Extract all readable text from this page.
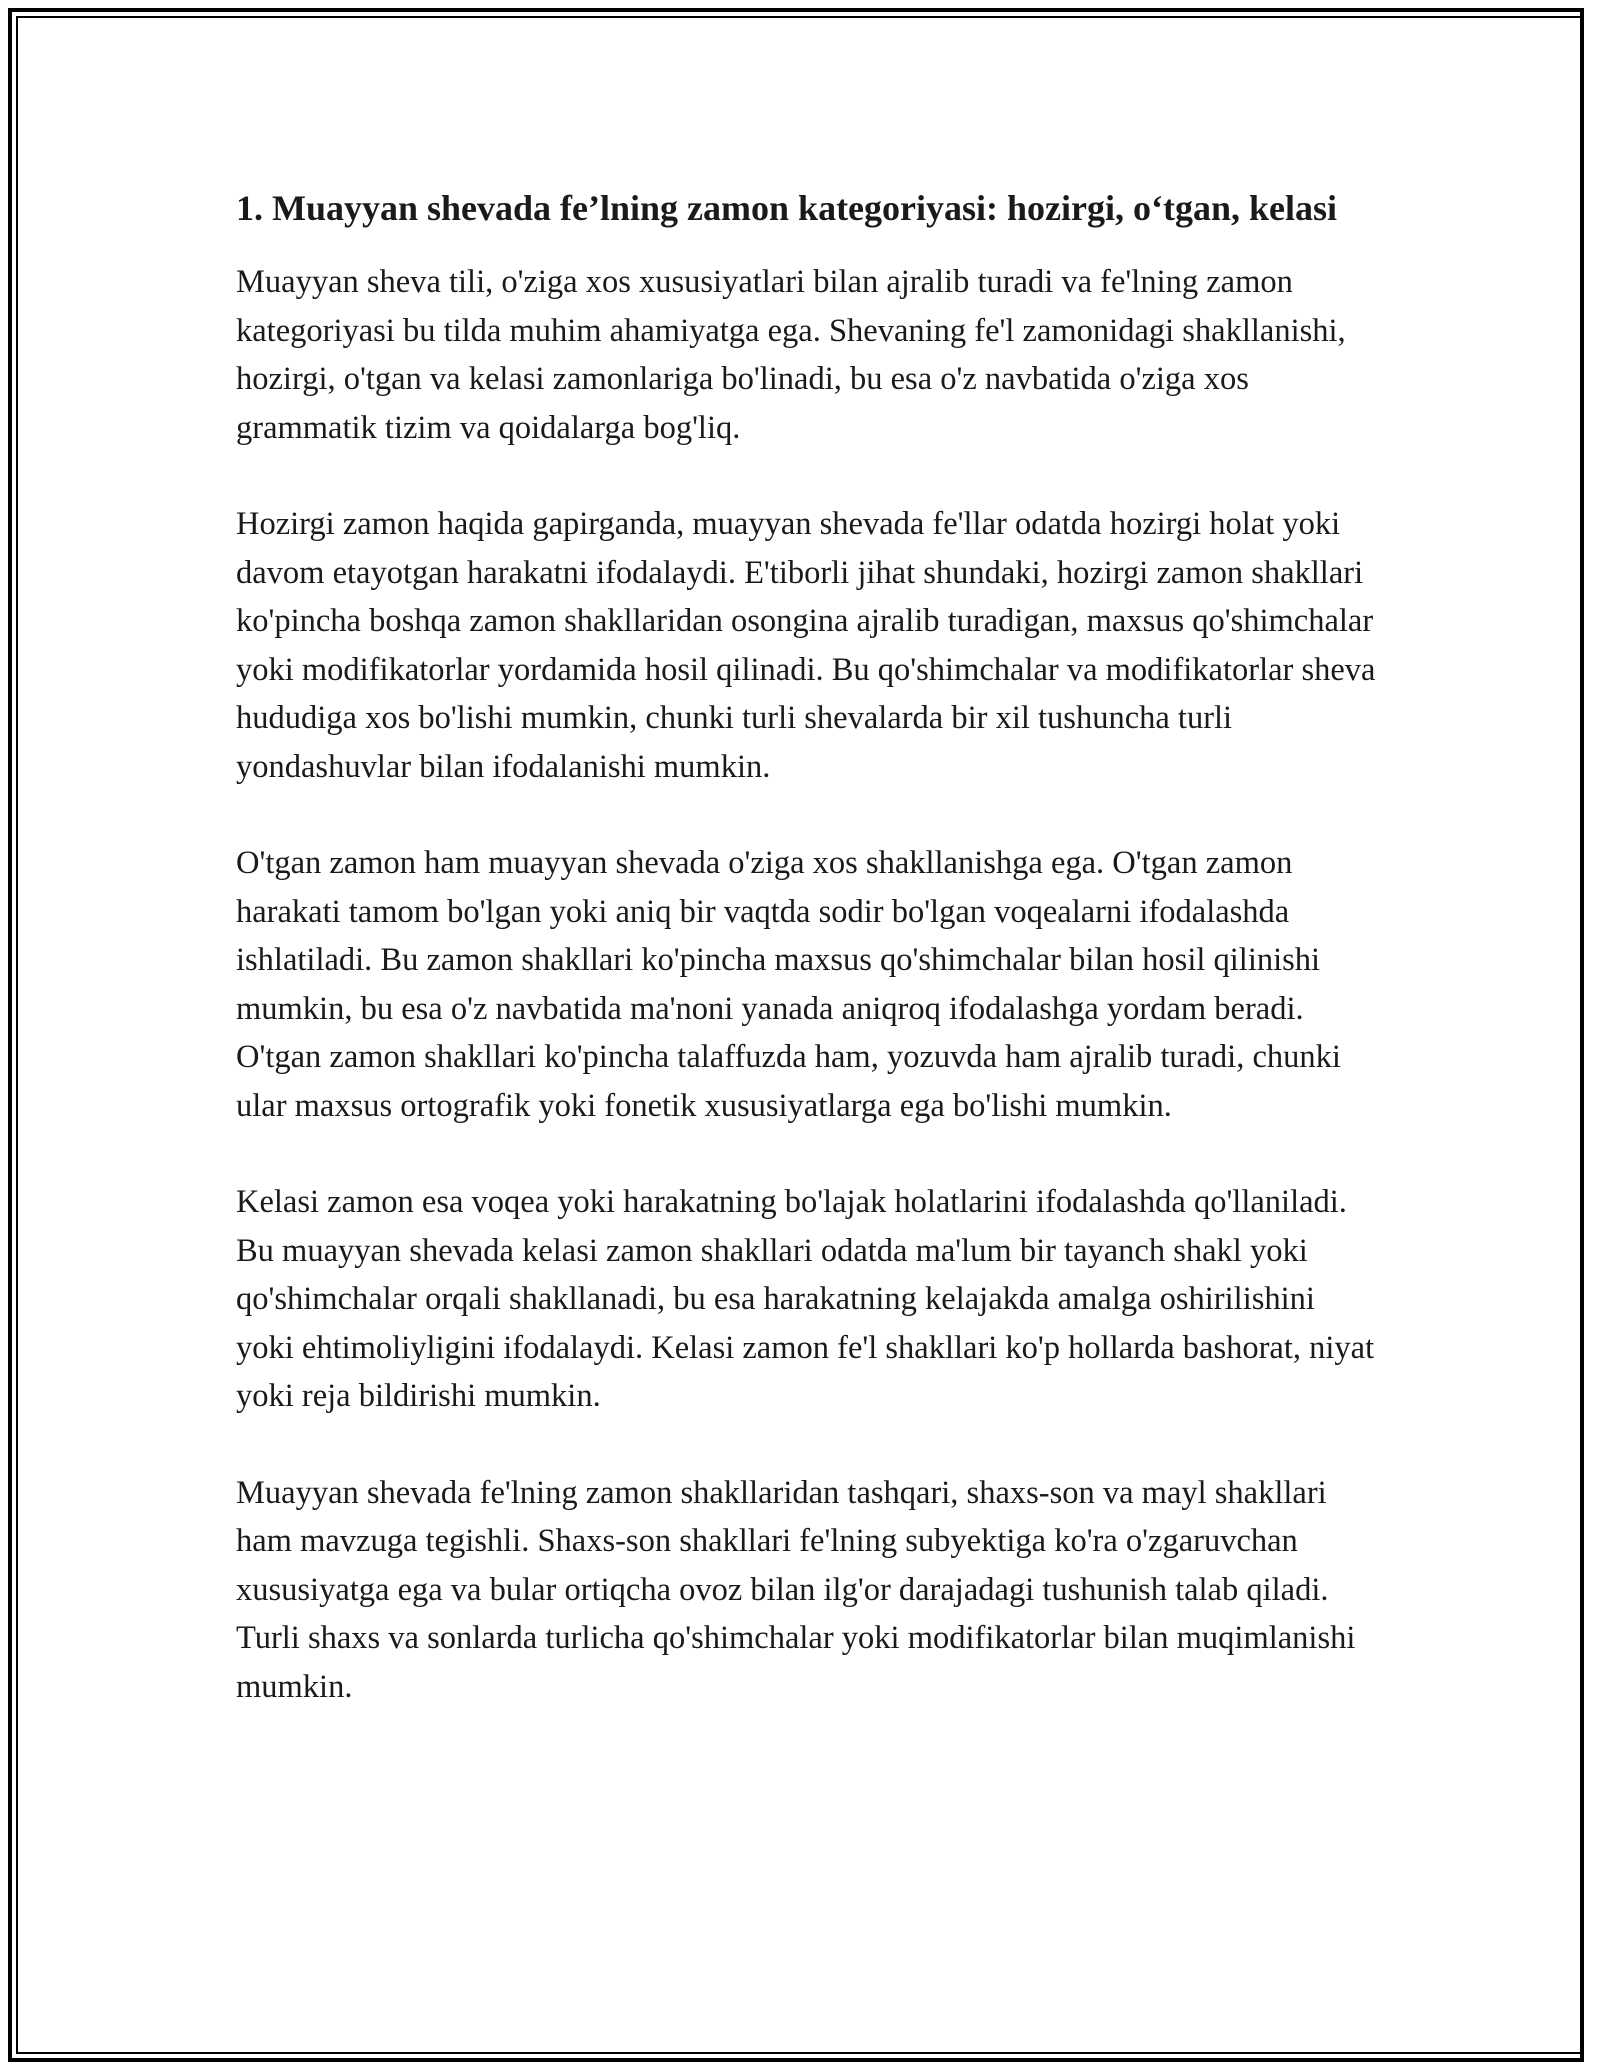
1. Muayyan shevada fe’lning zamon kategoriyasi: hozirgi, o‘tgan, kelasi

Muayyan sheva tili, o'ziga xos xususiyatlari bilan ajralib turadi va fe'lning zamon kategoriyasi bu tilda muhim ahamiyatga ega. Shevaning fe'l zamonidagi shakllanishi, hozirgi, o'tgan va kelasi zamonlariga bo'linadi, bu esa o'z navbatida o'ziga xos grammatik tizim va qoidalarga bog'liq.

Hozirgi zamon haqida gapirganda, muayyan shevada fe'llar odatda hozirgi holat yoki davom etayotgan harakatni ifodalaydi. E'tiborli jihat shundaki, hozirgi zamon shakllari ko'pincha boshqa zamon shakllaridan osongina ajralib turadigan, maxsus qo'shimchalar yoki modifikatorlar yordamida hosil qilinadi. Bu qo'shimchalar va modifikatorlar sheva hududiga xos bo'lishi mumkin, chunki turli shevalarda bir xil tushuncha turli yondashuvlar bilan ifodalanishi mumkin.

O'tgan zamon ham muayyan shevada o'ziga xos shakllanishga ega. O'tgan zamon harakati tamom bo'lgan yoki aniq bir vaqtda sodir bo'lgan voqealarni ifodalashda ishlatiladi. Bu zamon shakllari ko'pincha maxsus qo'shimchalar bilan hosil qilinishi mumkin, bu esa o'z navbatida ma'noni yanada aniqroq ifodalashga yordam beradi. O'tgan zamon shakllari ko'pincha talaffuzda ham, yozuvda ham ajralib turadi, chunki ular maxsus ortografik yoki fonetik xususiyatlarga ega bo'lishi mumkin.

Kelasi zamon esa voqea yoki harakatning bo'lajak holatlarini ifodalashda qo'llaniladi. Bu muayyan shevada kelasi zamon shakllari odatda ma'lum bir tayanch shakl yoki qo'shimchalar orqali shakllanadi, bu esa harakatning kelajakda amalga oshirilishini yoki ehtimoliyligini ifodalaydi. Kelasi zamon fe'l shakllari ko'p hollarda bashorat, niyat yoki reja bildirishi mumkin.

Muayyan shevada fe'lning zamon shakllaridan tashqari, shaxs-son va mayl shakllari ham mavzuga tegishli. Shaxs-son shakllari fe'lning subyektiga ko'ra o'zgaruvchan xususiyatga ega va bular ortiqcha ovoz bilan ilg'or darajadagi tushunish talab qiladi. Turli shaxs va sonlarda turlicha qo'shimchalar yoki modifikatorlar bilan muqimlanishi mumkin.
